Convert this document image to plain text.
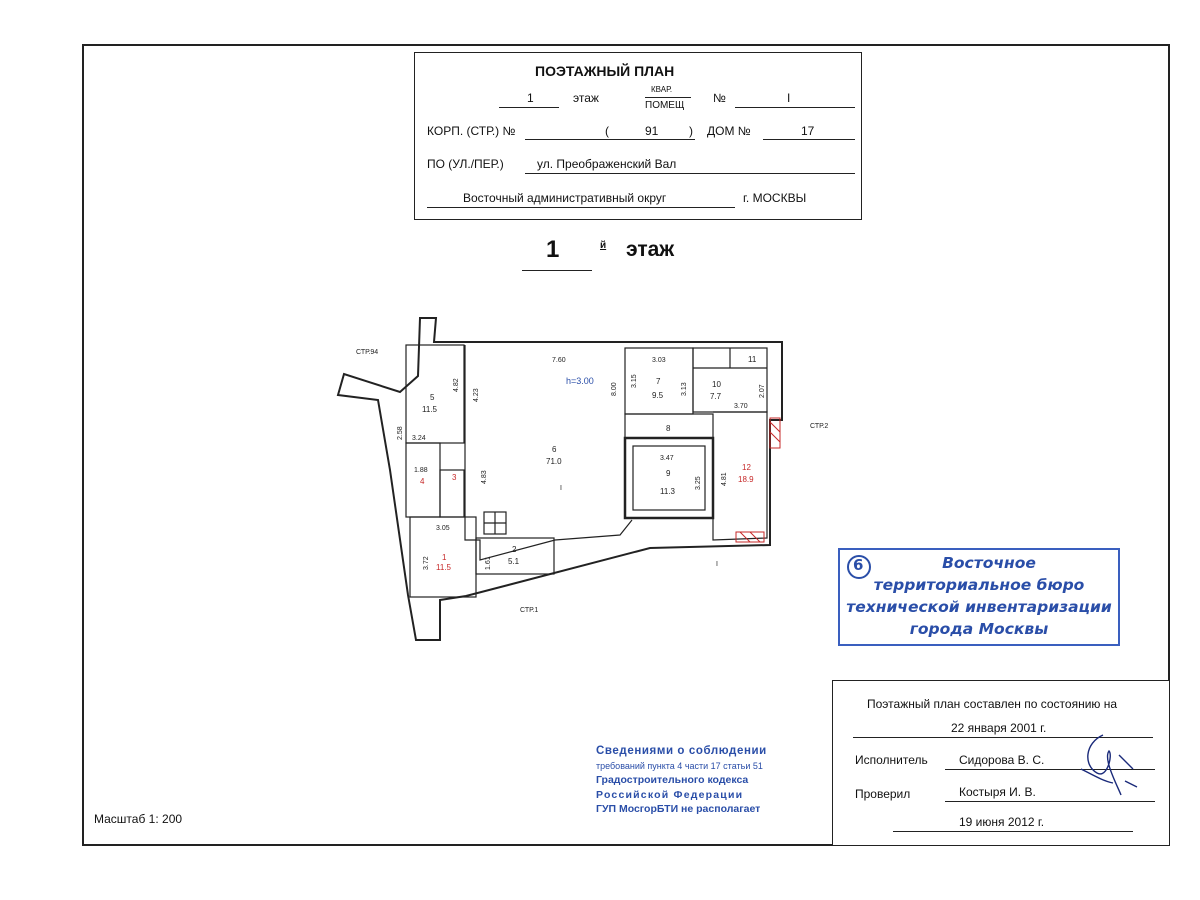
ПОЭТАЖНЫЙ ПЛАН
1	этаж
КВАР.
ПОМЕЩ
№	I
КОРП. (СТР.) №	(	91	) ДОМ №	17
ПО (УЛ./ПЕР.)	ул. Преображенский Вал
Восточный административный округ	г. МОСКВЫ
1	й этаж
СТР.94
СТР.2
СТР.1
h=3.00
I
I
5
11.5
6
71.0
7
9.5
10
7.7
11
8
9
11.3
12
18.9
4	3
1
11.5
2
5.1
7.60	3.03
3.15
3.13
8.00	2.07
3.70
4.82
4.23
2.58 3.24
1.88	4.83
3.47
3.25	4.81
3.05
3.72	1.61	6	Восточное
территориальное бюро
технической инвентаризации
города Москвы
Сведениями о соблюдении
требований пункта 4 части 17 статьи 51
Градостроительного кодекса
Российской Федерации
ГУП МосгорБТИ не располагает
Поэтажный план составлен по состоянию на
22 января 2001 г.
Исполнитель	Сидорова В. С.
Проверил	Костыря И. В.
19 июня 2012 г.
Масштаб 1: 200
